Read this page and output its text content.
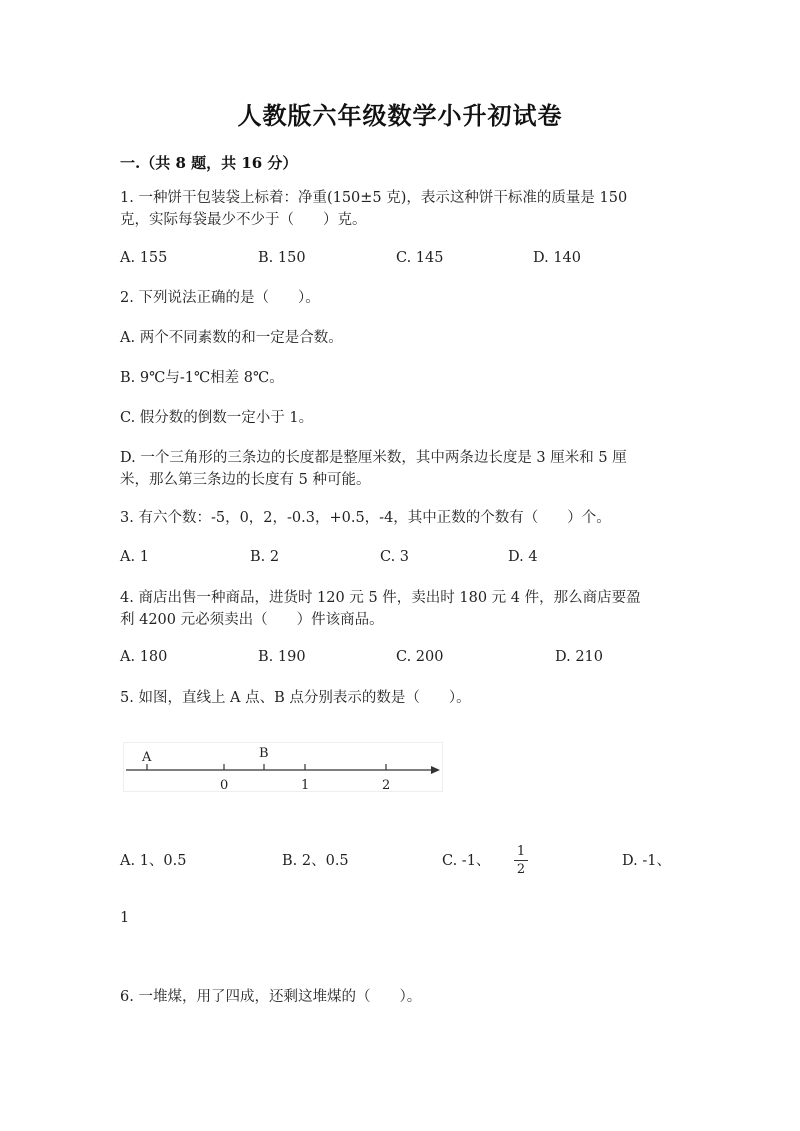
人教版六年级数学小升初试卷
一.（共 8 题，共 16 分）
1. 一种饼干包装袋上标着：净重(150±5 克)，表示这种饼干标准的质量是 150
克，实际每袋最少不少于（　　）克。
A. 155	B. 150	C. 145	D. 140
2. 下列说法正确的是（　　）。
A. 两个不同素数的和一定是合数。
B. 9℃与-1℃相差 8℃。
C. 假分数的倒数一定小于 1。
D. 一个三角形的三条边的长度都是整厘米数，其中两条边长度是 3 厘米和 5 厘
米，那么第三条边的长度有 5 种可能。
3. 有六个数：-5，0，2，-0.3，+0.5，-4，其中正数的个数有（　　）个。
A. 1	B. 2	C. 3	D. 4
4. 商店出售一种商品，进货时 120 元 5 件，卖出时 180 元 4 件，那么商店要盈
利 4200 元必须卖出（　　）件该商品。
A. 180	B. 190	C. 200	D. 210
5. 如图，直线上 A 点、B 点分别表示的数是（　　）。
A	B
0	1	2
A. 1、0.5	B. 2、0.5	C. -1、
1
2
D. -1、
1
6. 一堆煤，用了四成，还剩这堆煤的（　　）。
